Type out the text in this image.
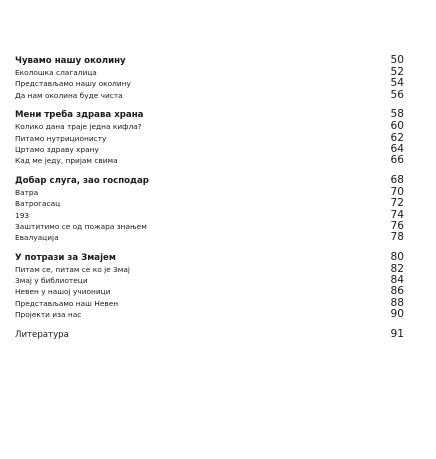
Чувамо нашу околину	50
Еколошка слагалица	52
Представљамо нашу околину	54
Да нам околина буде чиста	56
Мени треба здрава храна	58
Колико дана траје једна кифла?	60
Питамо нутриционисту	62
Цртамо здраву храну	64
Кад ме једу, пријам свима	66
Добар слуга, зао господар	68
Ватра	70
Ватрогасац	72
193	74
Заштитимо се од пожара знањем	76
Евалуација	78
У потрази за Змајем	80
Питам се, питам се ко је Змај	82
Змај у библиотеци	84
Невен у нашој учионици	86
Представљамо наш Невен	88
Пројекти иза нас	90
Литература	91
